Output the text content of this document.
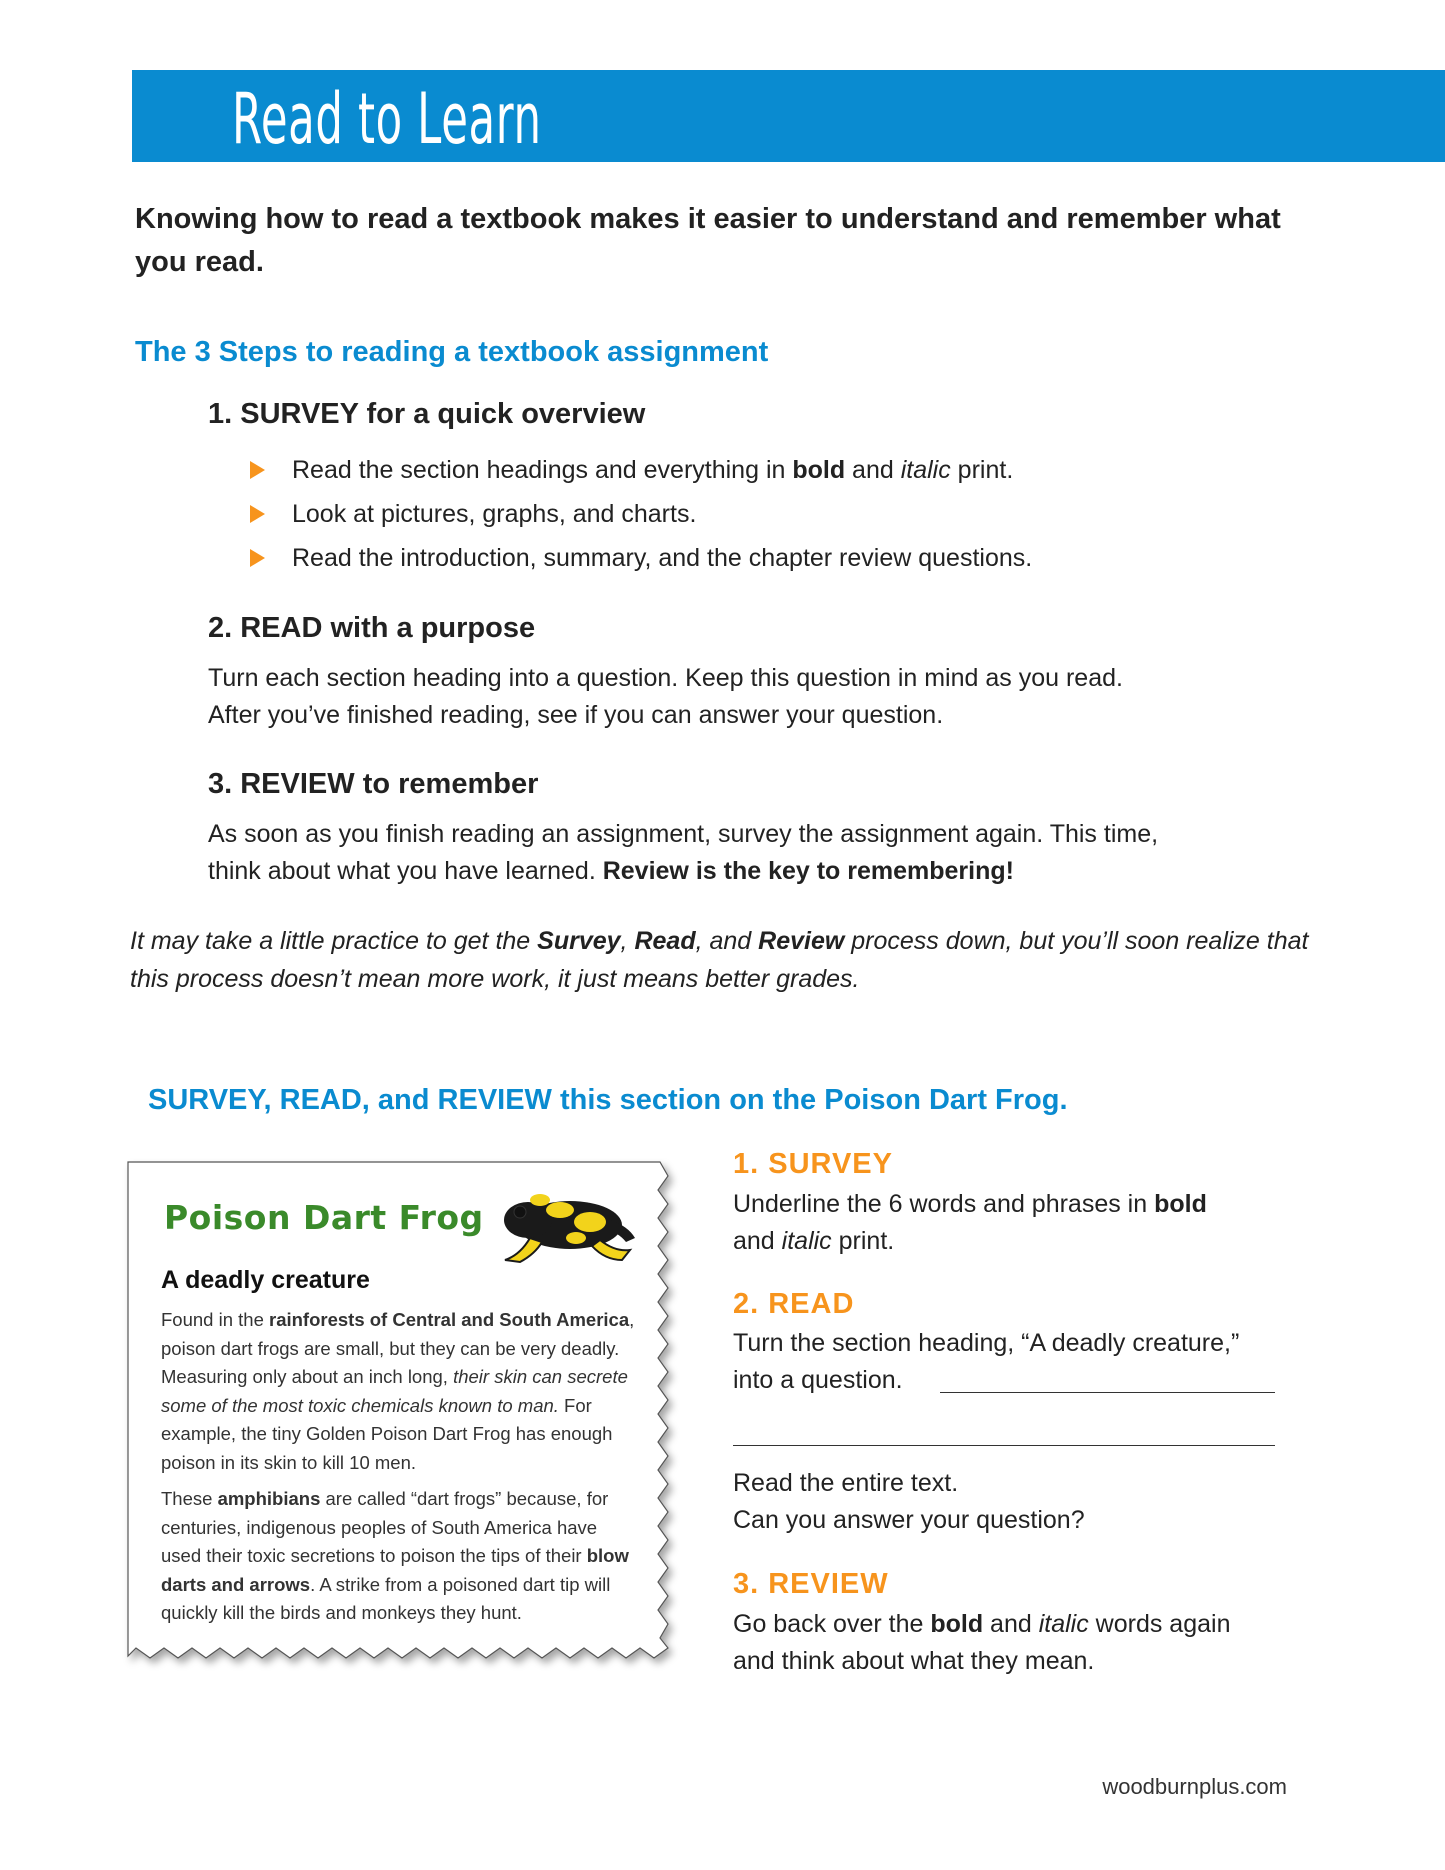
Read to Learn
Knowing how to read a textbook makes it easier to understand and remember what you read.
The 3 Steps to reading a textbook assignment
1. SURVEY for a quick overview
Read the section headings and everything in bold and italic print.
Look at pictures, graphs, and charts.
Read the introduction, summary, and the chapter review questions.
2. READ with a purpose
Turn each section heading into a question. Keep this question in mind as you read.
After you’ve finished reading, see if you can answer your question.
3. REVIEW to remember
As soon as you finish reading an assignment, survey the assignment again. This time,
think about what you have learned. Review is the key to remembering!
It may take a little practice to get the Survey, Read, and Review process down, but you’ll soon realize that this process doesn’t mean more work, it just means better grades.
SURVEY, READ, and REVIEW this section on the Poison Dart Frog.
Poison Dart Frog
A deadly creature
Found in the rainforests of Central and South America, poison dart frogs are small, but they can be very deadly. Measuring only about an inch long, their skin can secrete some of the most toxic chemicals known to man. For example, the tiny Golden Poison Dart Frog has enough poison in its skin to kill 10 men.
These amphibians are called “dart frogs” because, for centuries, indigenous peoples of South America have used their toxic secretions to poison the tips of their blow darts and arrows. A strike from a poisoned dart tip will quickly kill the birds and monkeys they hunt.
1. SURVEY
Underline the 6 words and phrases in bold
and italic print.
2. READ
Turn the section heading, “A deadly creature,”
into a question.
Read the entire text.
Can you answer your question?
3. REVIEW
Go back over the bold and italic words again
and think about what they mean.
woodburnplus.com
